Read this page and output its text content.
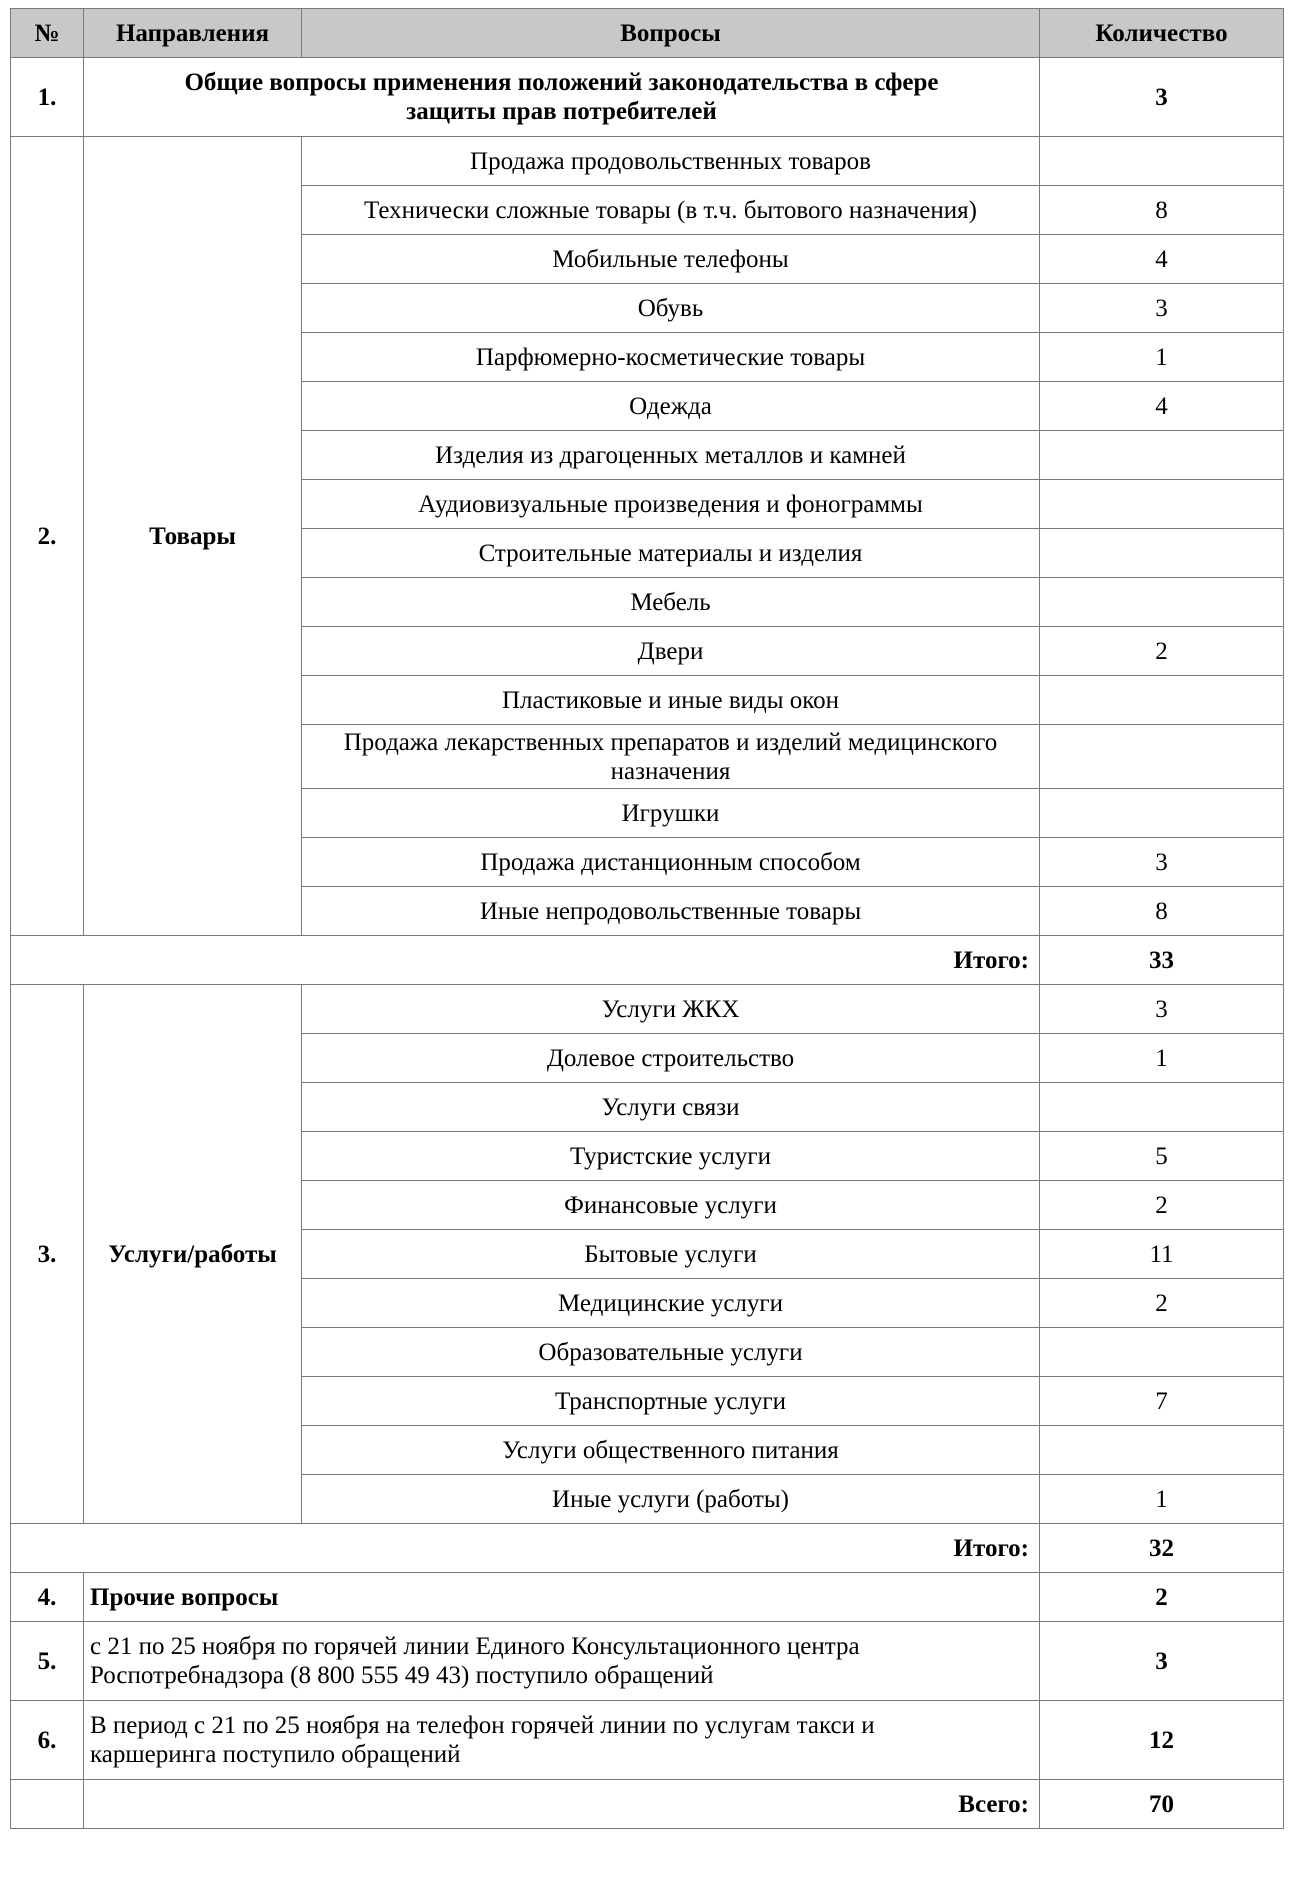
№	Направления	Вопросы	Количество
1.	Общие вопросы применения положений законодательства в сфере
защиты прав потребителей		3
2.	Товары	Продажа продовольственных товаров	
		Технически сложные товары (в т.ч. бытового назначения)	8
		Мобильные телефоны	4
		Обувь	3
		Парфюмерно-косметические товары	1
		Одежда	4
		Изделия из драгоценных металлов и камней	
		Аудиовизуальные произведения и фонограммы	
		Строительные материалы и изделия	
		Мебель	
		Двери	2
		Пластиковые и иные виды окон	
		Продажа лекарственных препаратов и изделий медицинского
назначения	
		Игрушки	
		Продажа дистанционным способом	3
		Иные непродовольственные товары	8
Итого:			33
3.	Услуги/работы	Услуги ЖКХ	3
		Долевое строительство	1
		Услуги связи	
		Туристские услуги	5
		Финансовые услуги	2
		Бытовые услуги	11
		Медицинские услуги	2
		Образовательные услуги	
		Транспортные услуги	7
		Услуги общественного питания	
		Иные услуги (работы)	1
Итого:			32
4.	Прочие вопросы		2
5.	с 21 по 25 ноября по горячей линии Единого Консультационного центра
Роспотребнадзора (8 800 555 49 43) поступило обращений		3
6.	В период с 21 по 25 ноября на телефон горячей линии по услугам такси и
каршеринга поступило обращений		12
	Всего:		70
